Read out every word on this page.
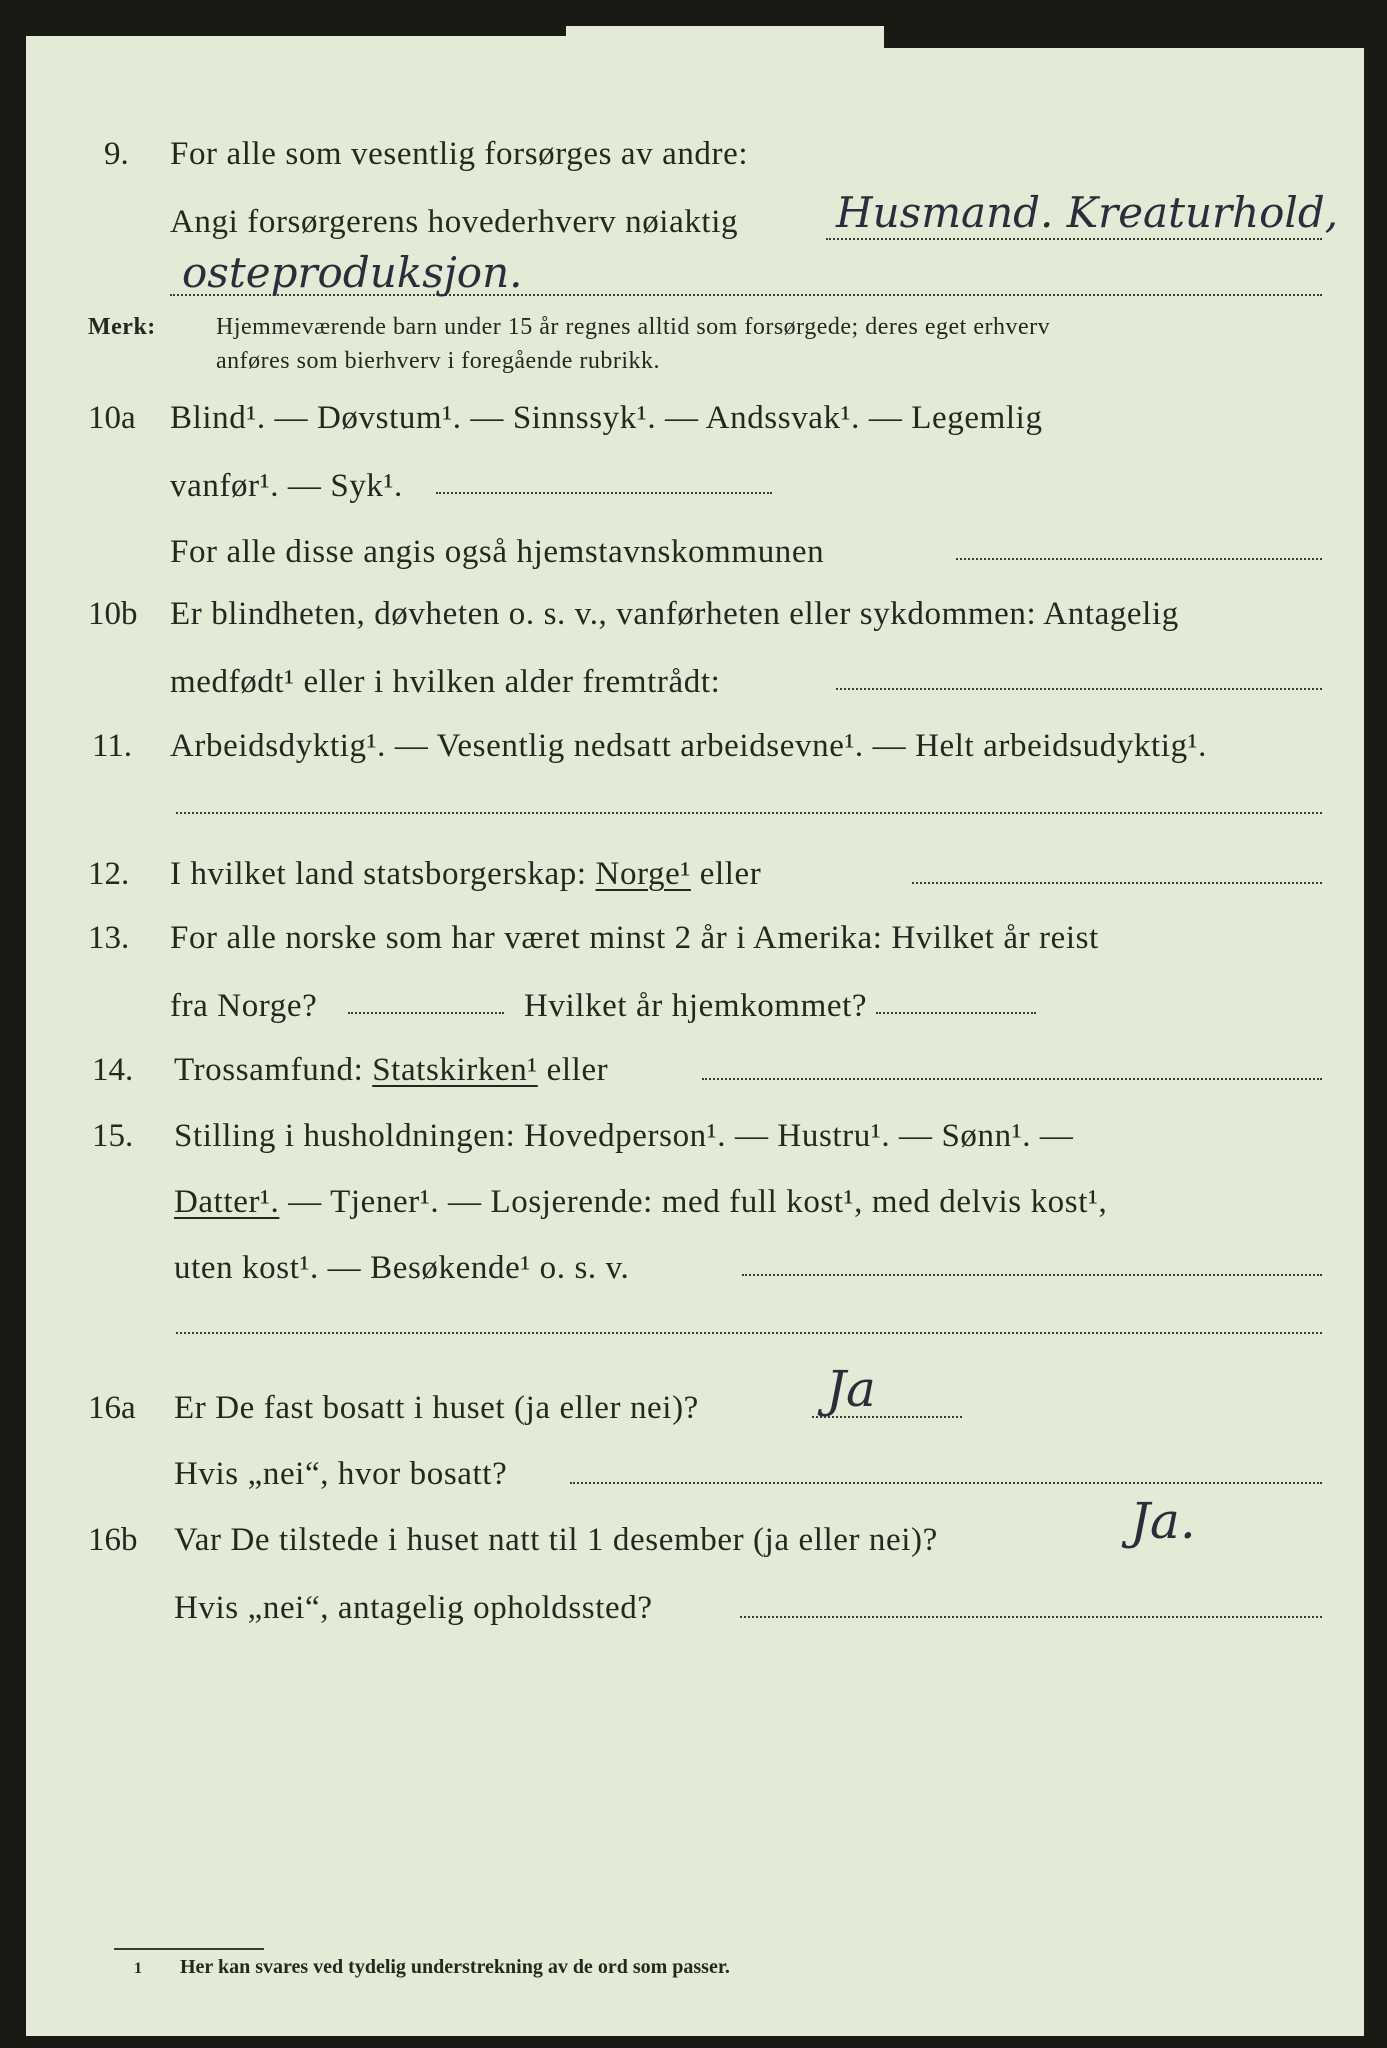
9. For alle som vesentlig forsørges av andre:
Angi forsørgerens hovederhverv nøiaktig Husmand. Kreaturhold,
osteproduksjon.
Merk:	Hjemmeværende barn under 15 år regnes alltid som forsørgede; deres eget erhverv
anføres som bierhverv i foregående rubrikk.
10a Blind¹. — Døvstum¹. — Sinnssyk¹. — Andssvak¹. — Legemlig
vanfør¹. — Syk¹.
For alle disse angis også hjemstavnskommunen
10b Er blindheten, døvheten o. s. v., vanførheten eller sykdommen: Antagelig
medfødt¹ eller i hvilken alder fremtrådt:
11. Arbeidsdyktig¹. — Vesentlig nedsatt arbeidsevne¹. — Helt arbeidsudyktig¹.
12. I hvilket land statsborgerskap: Norge¹ eller
13. For alle norske som har været minst 2 år i Amerika: Hvilket år reist
fra Norge?	Hvilket år hjemkommet?
14. Trossamfund: Statskirken¹ eller
15. Stilling i husholdningen: Hovedperson¹. — Hustru¹. — Sønn¹. —
Datter¹. — Tjener¹. — Losjerende: med full kost¹, med delvis kost¹,
uten kost¹. — Besøkende¹ o. s. v.
16a Er De fast bosatt i huset (ja eller nei)?	Ja
Hvis „nei“, hvor bosatt?
16b Var De tilstede i huset natt til 1 desember (ja eller nei)?	Ja.
Hvis „nei“, antagelig opholdssted?
1 Her kan svares ved tydelig understrekning av de ord som passer.
